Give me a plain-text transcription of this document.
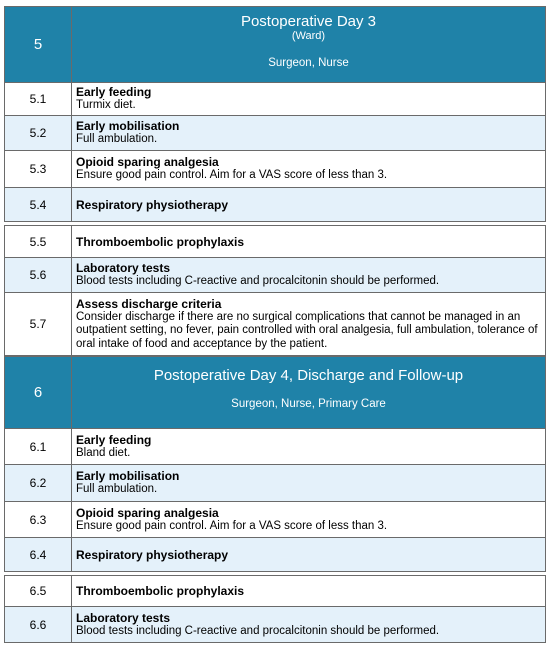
5
Postoperative Day 3
(Ward)
Surgeon, Nurse
5.1	Early feeding
Turmix diet.
5.2	Early mobilisation
Full ambulation.
5.3	Opioid sparing analgesia
Ensure good pain control. Aim for a VAS score of less than 3.
5.4	Respiratory physiotherapy
5.5	Thromboembolic prophylaxis
5.6	Laboratory tests
Blood tests including C-reactive and procalcitonin should be performed.
5.7
Assess discharge criteria
Consider discharge if there are no surgical complications that cannot be managed in an outpatient setting, no fever, pain controlled with oral analgesia, full ambulation, tolerance of oral intake of food and acceptance by the patient.
6
Postoperative Day 4, Discharge and Follow-up
Surgeon, Nurse, Primary Care
6.1	Early feeding
Bland diet.
6.2	Early mobilisation
Full ambulation.
6.3	Opioid sparing analgesia
Ensure good pain control. Aim for a VAS score of less than 3.
6.4	Respiratory physiotherapy
6.5	Thromboembolic prophylaxis
6.6	Laboratory tests
Blood tests including C-reactive and procalcitonin should be performed.
